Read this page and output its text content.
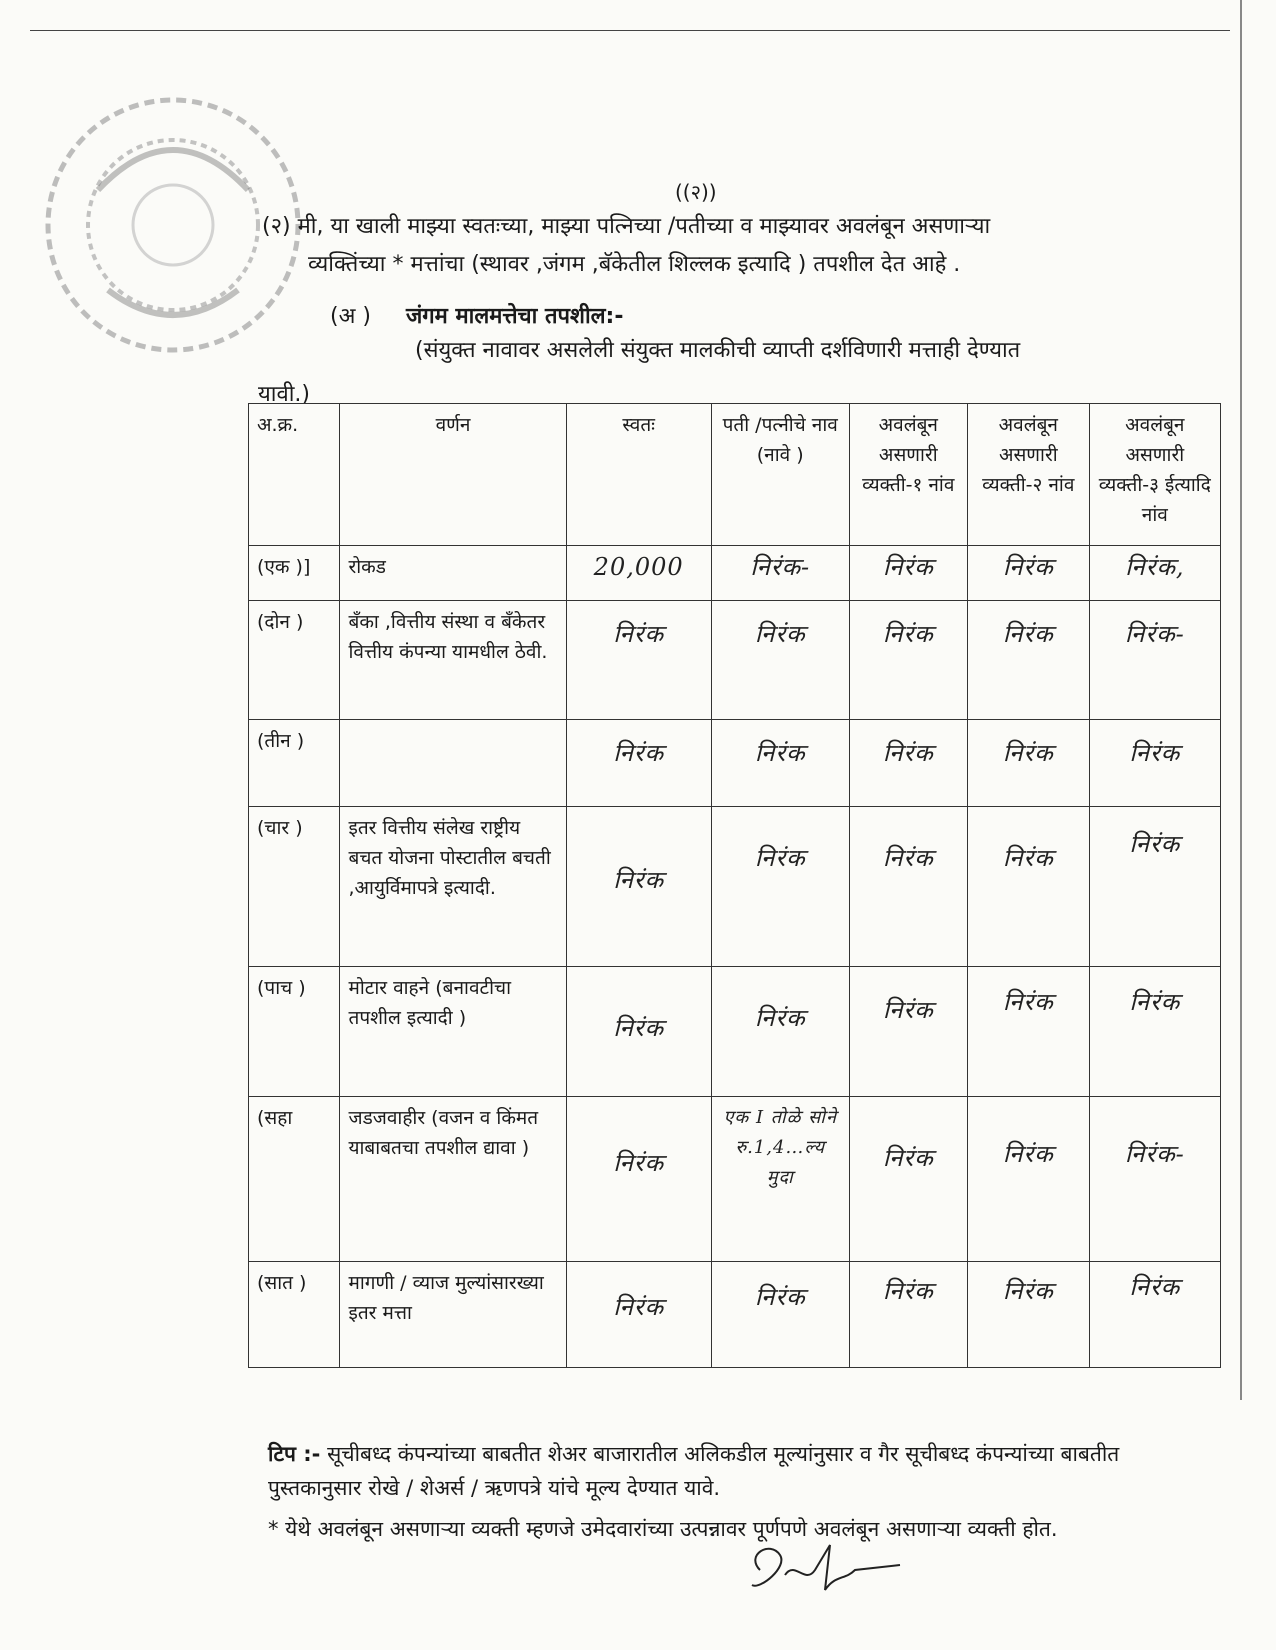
((२))
(२) मी, या खाली माझ्या स्वतःच्या, माझ्या पत्निच्या /पतीच्या व माझ्यावर अवलंबून असणाऱ्या
व्यक्तिंच्या * मत्तांचा (स्थावर ,जंगम ,बॅकेतील शिल्लक इत्यादि ) तपशील देत आहे .
(अ ) जंगम मालमत्तेचा तपशील:-
(संयुक्त नावावर असलेली संयुक्त मालकीची व्याप्ती दर्शविणारी मत्ताही देण्यात
यावी.)
अ.क्र.	वर्णन	स्वतः	पती /पत्नीचे नाव (नावे )	अवलंबून असणारी व्यक्ती-१ नांव	अवलंबून असणारी व्यक्ती-२ नांव	अवलंबून असणारी व्यक्ती-३ ईत्यादि नांव
(एक )]	रोकड	20,000	निरंक-	निरंक	निरंक	निरंक,

(दोन )	बँका ,वित्तीय संस्था व बँकेतर वित्तीय कंपन्या यामधील ठेवी.	निरंक	निरंक	निरंक	निरंक	निरंक-

(तीन )		निरंक	निरंक	निरंक	निरंक	निरंक

(चार )	इतर वित्तीय संलेख राष्ट्रीय बचत योजना पोस्टातील बचती ,आयुर्विमापत्रे इत्यादी.	निरंक	निरंक	निरंक	निरंक	निरंक

(पाच )	मोटार वाहने (बनावटीचा तपशील इत्यादी )	निरंक	निरंक	निरंक	निरंक	निरंक

(सहा	जडजवाहीर (वजन व किंमत याबाबतचा तपशील द्यावा )	निरंक	एक I तोळे सोने रु.1,4…ल्य मुदा	निरंक	निरंक	निरंक-

(सात )	मागणी / व्याज मुल्यांसारख्या इतर मत्ता	निरंक	निरंक	निरंक	निरंक	निरंक
टिप :- सूचीबध्द कंपन्यांच्या बाबतीत शेअर बाजारातील अलिकडील मूल्यांनुसार व गैर सूचीबध्द कंपन्यांच्या बाबतीत पुस्तकानुसार रोखे / शेअर्स / ऋणपत्रे यांचे मूल्य देण्यात यावे.
* येथे अवलंबून असणाऱ्या व्यक्ती म्हणजे उमेदवारांच्या उत्पन्नावर पूर्णपणे अवलंबून असणाऱ्या व्यक्ती होत.
